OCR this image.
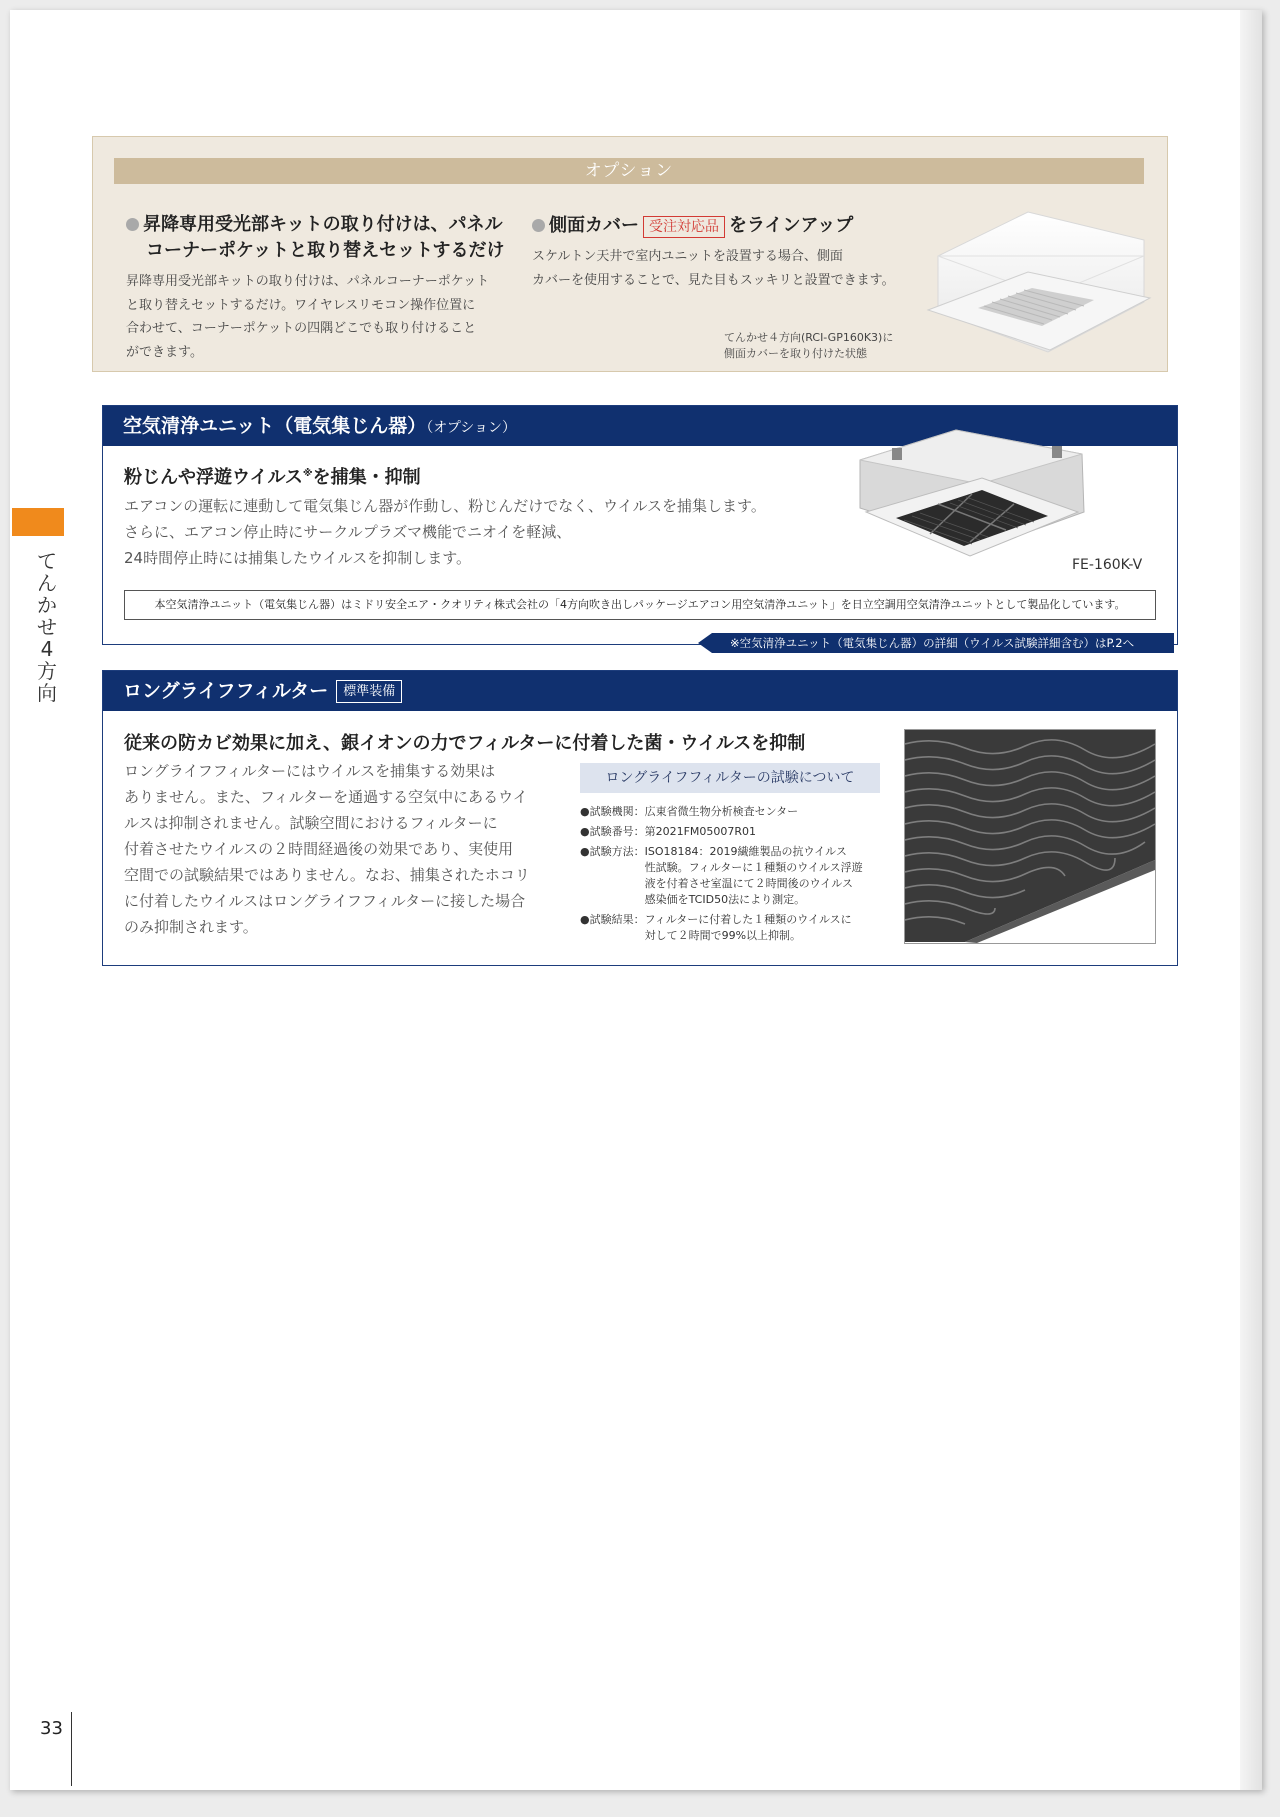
て
ん
か
せ
4
方
向
オプション
昇降専用受光部キットの取り付けは、パネル
コーナーポケットと取り替えセットするだけ
昇降専用受光部キットの取り付けは、パネルコーナーポケット
と取り替えセットするだけ。ワイヤレスリモコン操作位置に
合わせて、コーナーポケットの四隅どこでも取り付けること
ができます。
側面カバー 受注対応品 をラインアップ
スケルトン天井で室内ユニットを設置する場合、側面
カバーを使用することで、見た目もスッキリと設置できます。
てんかせ４方向(RCI-GP160K3)に
側面カバーを取り付けた状態
空気清浄ユニット（電気集じん器）（オプション）
粉じんや浮遊ウイルス※を捕集・抑制
エアコンの運転に連動して電気集じん器が作動し、粉じんだけでなく、ウイルスを捕集します。
さらに、エアコン停止時にサークルプラズマ機能でニオイを軽減、
24時間停止時には捕集したウイルスを抑制します。	FE-160K-V
本空気清浄ユニット（電気集じん器）はミドリ安全エア・クオリティ株式会社の「4方向吹き出しパッケージエアコン用空気清浄ユニット」を日立空調用空気清浄ユニットとして製品化しています。
※空気清浄ユニット（電気集じん器）の詳細（ウイルス試験詳細含む）はP.2へ
ロングライフフィルター 標準装備
従来の防カビ効果に加え、銀イオンの力でフィルターに付着した菌・ウイルスを抑制
ロングライフフィルターにはウイルスを捕集する効果は
ありません。また、フィルターを通過する空気中にあるウイ
ルスは抑制されません。試験空間におけるフィルターに
付着させたウイルスの２時間経過後の効果であり、実使用
空間での試験結果ではありません。なお、捕集されたホコリ
に付着したウイルスはロングライフフィルターに接した場合
のみ抑制されます。
ロングライフフィルターの試験について
●試験機関： 広東省微生物分析検査センター
●試験番号： 第2021FM05007R01
●試験方法： ISO18184：2019繊維製品の抗ウイルス
性試験。フィルターに１種類のウイルス浮遊
液を付着させ室温にて２時間後のウイルス
感染価をTCID50法により測定。
●試験結果： フィルターに付着した１種類のウイルスに
対して２時間で99%以上抑制。
33
